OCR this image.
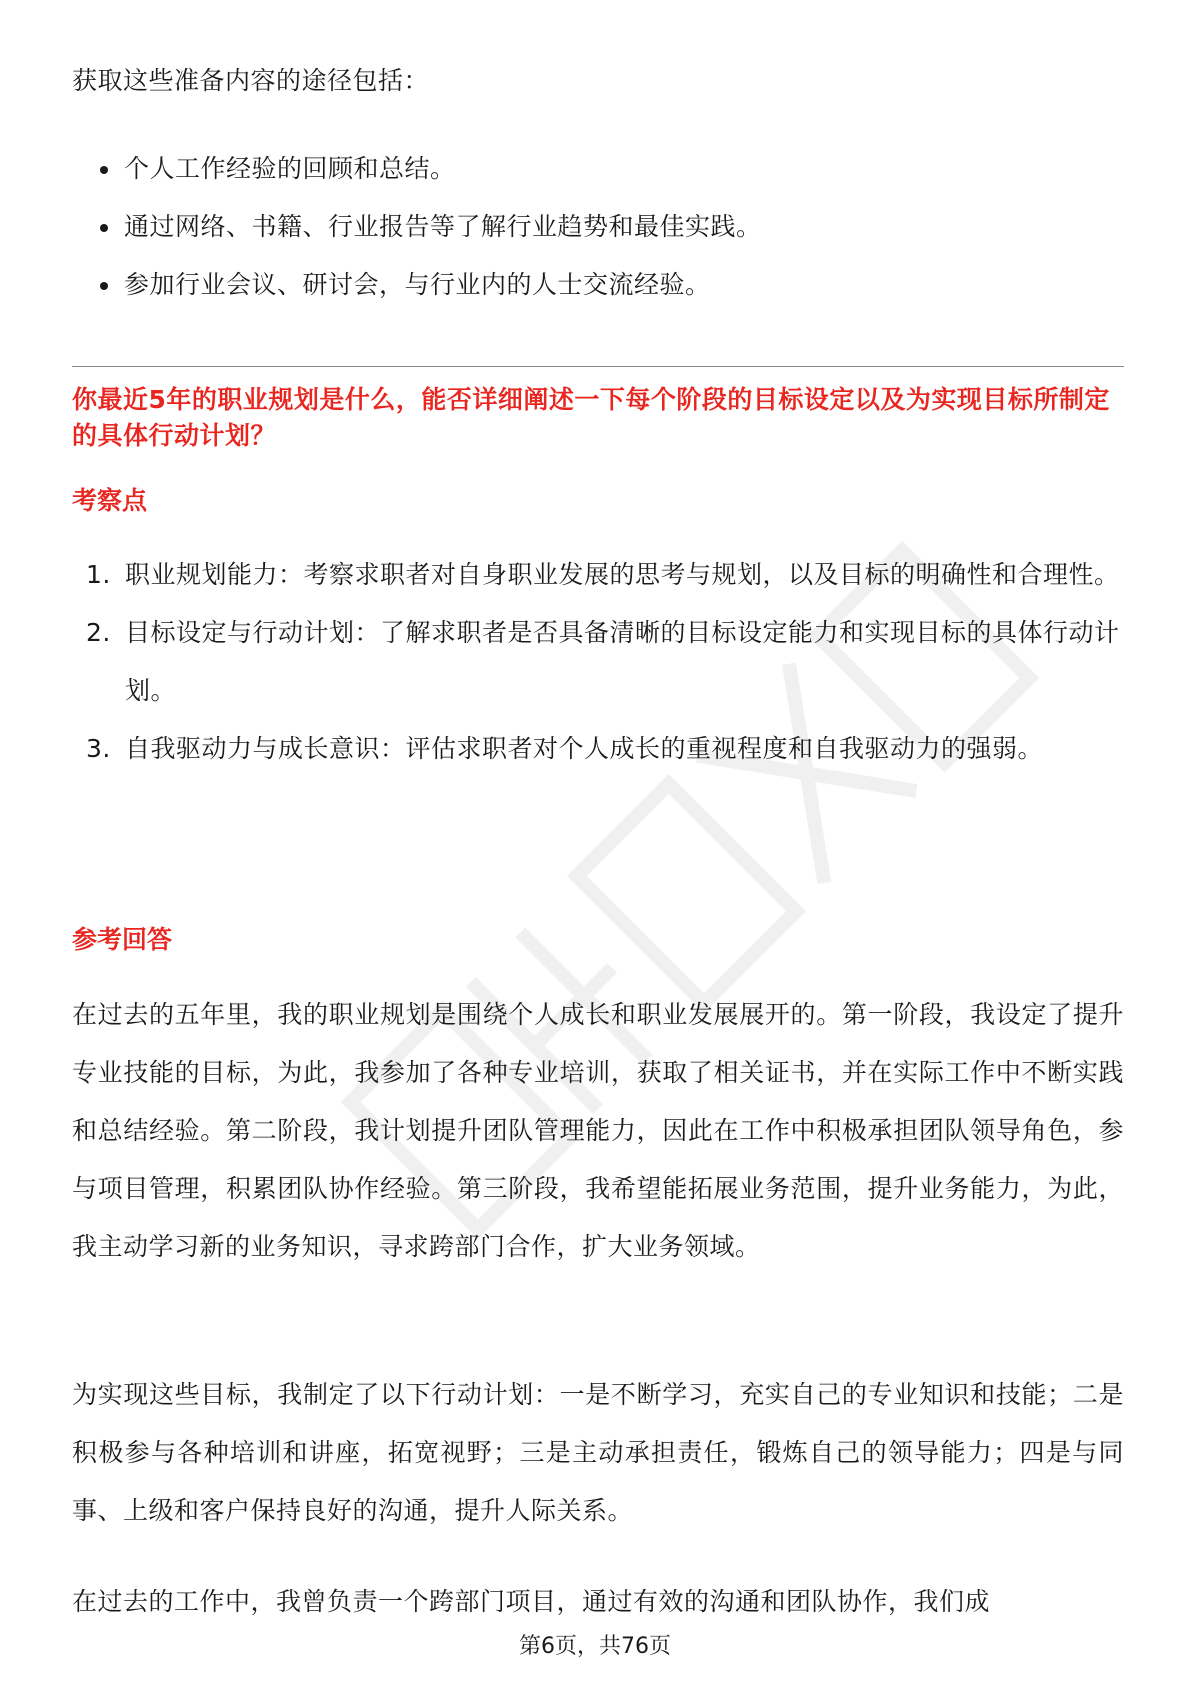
获取这些准备内容的途径包括：

个人工作经验的回顾和总结。
通过网络、书籍、行业报告等了解行业趋势和最佳实践。
参加行业会议、研讨会，与行业内的人士交流经验。

你最近5年的职业规划是什么，能否详细阐述一下每个阶段的目标设定以及为实现目标所制定的具体行动计划？

考察点

1. 职业规划能力：考察求职者对自身职业发展的思考与规划，以及目标的明确性和合理性。
2. 目标设定与行动计划：了解求职者是否具备清晰的目标设定能力和实现目标的具体行动计划。
3. 自我驱动力与成长意识：评估求职者对个人成长的重视程度和自我驱动力的强弱。

参考回答

在过去的五年里，我的职业规划是围绕个人成长和职业发展展开的。第一阶段，我设定了提升专业技能的目标，为此，我参加了各种专业培训，获取了相关证书，并在实际工作中不断实践和总结经验。第二阶段，我计划提升团队管理能力，因此在工作中积极承担团队领导角色，参与项目管理，积累团队协作经验。第三阶段，我希望能拓展业务范围，提升业务能力，为此，我主动学习新的业务知识，寻求跨部门合作，扩大业务领域。

为实现这些目标，我制定了以下行动计划：一是不断学习，充实自己的专业知识和技能；二是积极参与各种培训和讲座，拓宽视野；三是主动承担责任，锻炼自己的领导能力；四是与同事、上级和客户保持良好的沟通，提升人际关系。

在过去的工作中，我曾负责一个跨部门项目，通过有效的沟通和团队协作，我们成

第6页，共76页
